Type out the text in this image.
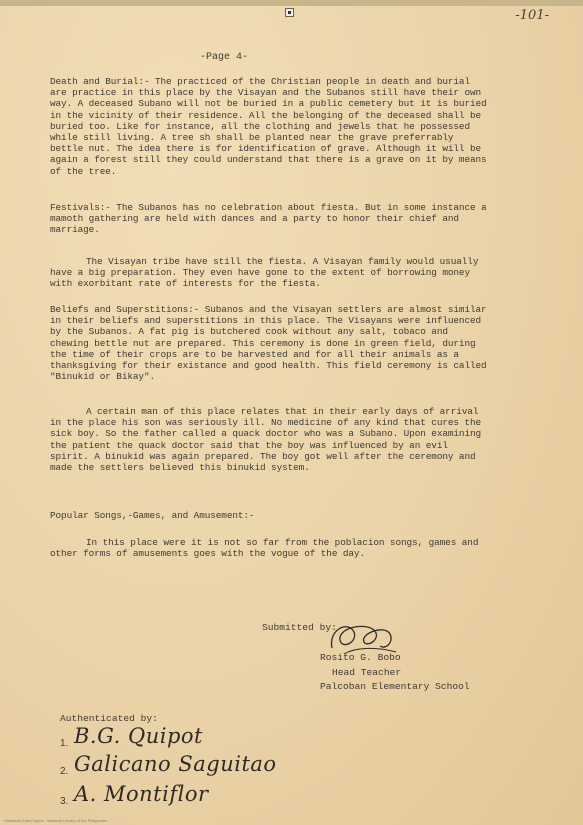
-101-
-Page 4-

Death and Burial:- The practiced of the Christian people in death and burial are practice in this place by the Visayan and the Subanos still have their own way. A deceased Subano will not be buried in a public cemetery but it is buried in the vicinity of their residence. All the belonging of the deceased shall be buried too. Like for instance, all the clothing and jewels that he possessed while still living. A tree sh shall be planted near the grave preferrably bettle nut. The idea there is for identification of grave. Although it will be again a forest still they could understand that there is a grave on it by means of the tree.

Festivals:- The Subanos has no celebration about fiesta. But in some instance a mamoth gathering are held with dances and a party to honor their chief and marriage.

The Visayan tribe have still the fiesta. A Visayan family would usually have a big preparation. They even have gone to the extent of borrowing money with exorbitant rate of interests for the fiesta.

Beliefs and Superstitions:- Subanos and the Visayan settlers are almost similar in their beliefs and superstitions in this place. The Visayans were influenced by the Subanos. A fat pig is butchered cook without any salt, tobaco and chewing bettle nut are prepared. This ceremony is done in green field, during the time of their crops are to be harvested and for all their animals as a thanksgiving for their existance and good health. This field ceremony is called "Binukid or Bikay".

A certain man of this place relates that in their early days of arrival in the place his son was seriously ill. No medicine of any kind that cures the sick boy. So the father called a quack doctor who was a Subano. Upon examining the patient the quack doctor said that the boy was influenced by an evil spirit. A binukid was again prepared. The boy got well after the ceremony and made the settlers believed this binukid system.

Popular Songs,-Games, and Amusement:-

In this place were it is not so far from the poblacion songs, games and other forms of amusements goes with the vogue of the day.

Submitted by:
Rosito G. Bobo
Head Teacher
Palcoban Elementary School
Authenticated by:
1. B.G. Quipot
2. Galicano Saguitao
3. A. Montiflor
Historical Data Papers · National Library of the Philippines
